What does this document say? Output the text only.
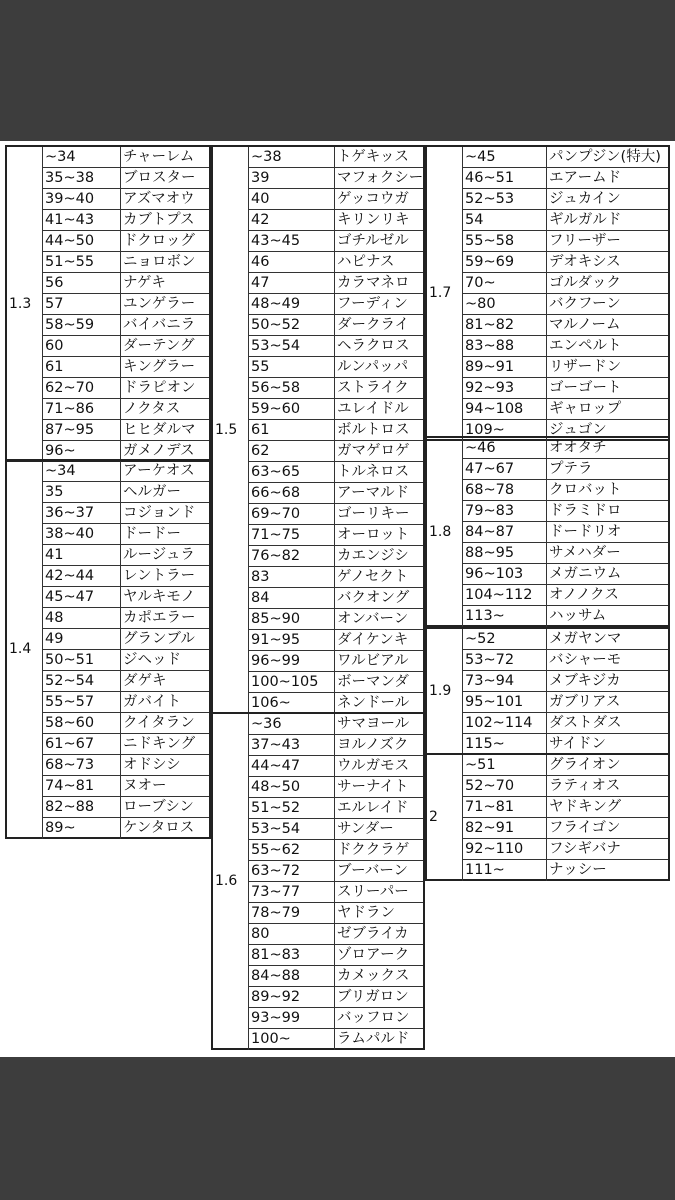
1.3
~34	チャーレム
35~38	ブロスター
39~40	アズマオウ
41~43	カブトプス
44~50	ドクロッグ
51~55	ニョロボン
56	ナゲキ
57	ユンゲラー
58~59	バイバニラ
60	ダーテング
61	キングラー
62~70	ドラピオン
71~86	ノクタス
87~95	ヒヒダルマ
96~	ガメノデス
1.4
~34	アーケオス
35	ヘルガー
36~37	コジョンド
38~40	ドードー
41	ルージュラ
42~44	レントラー
45~47	ヤルキモノ
48	カポエラー
49	グランブル
50~51	ジヘッド
52~54	ダゲキ
55~57	ガバイト
58~60	クイタラン
61~67	ニドキング
68~73	オドシシ
74~81	ヌオー
82~88	ローブシン
89~	ケンタロス
1.5
~38	トゲキッス
39	マフォクシー
40	ゲッコウガ
42	キリンリキ
43~45	ゴチルゼル
46	ハピナス
47	カラマネロ
48~49	フーディン
50~52	ダークライ
53~54	ヘラクロス
55	ルンパッパ
56~58	ストライク
59~60	ユレイドル
61	ボルトロス
62	ガマゲロゲ
63~65	トルネロス
66~68	アーマルド
69~70	ゴーリキー
71~75	オーロット
76~82	カエンジシ
83	ゲノセクト
84	バクオング
85~90	オンバーン
91~95	ダイケンキ
96~99	ワルビアル
100~105	ボーマンダ
106~	ネンドール
1.6
~36	サマヨール
37~43	ヨルノズク
44~47	ウルガモス
48~50	サーナイト
51~52	エルレイド
53~54	サンダー
55~62	ドククラゲ
63~72	ブーバーン
73~77	スリーパー
78~79	ヤドラン
80	ゼブライカ
81~83	ゾロアーク
84~88	カメックス
89~92	ブリガロン
93~99	バッフロン
100~	ラムパルド
1.7
~45	パンプジン(特大)
46~51	エアームド
52~53	ジュカイン
54	ギルガルド
55~58	フリーザー
59~69	デオキシス
70~	ゴルダック
~80	バクフーン
81~82	マルノーム
83~88	エンペルト
89~91	リザードン
92~93	ゴーゴート
94~108	ギャロップ
109~	ジュゴン
1.8
~46	オオタチ
47~67	プテラ
68~78	クロバット
79~83	ドラミドロ
84~87	ドードリオ
88~95	サメハダー
96~103	メガニウム
104~112	オノノクス
113~	ハッサム
1.9
~52	メガヤンマ
53~72	バシャーモ
73~94	メブキジカ
95~101	ガブリアス
102~114	ダストダス
115~	サイドン
2
~51	グライオン
52~70	ラティオス
71~81	ヤドキング
82~91	フライゴン
92~110	フシギバナ
111~	ナッシー
